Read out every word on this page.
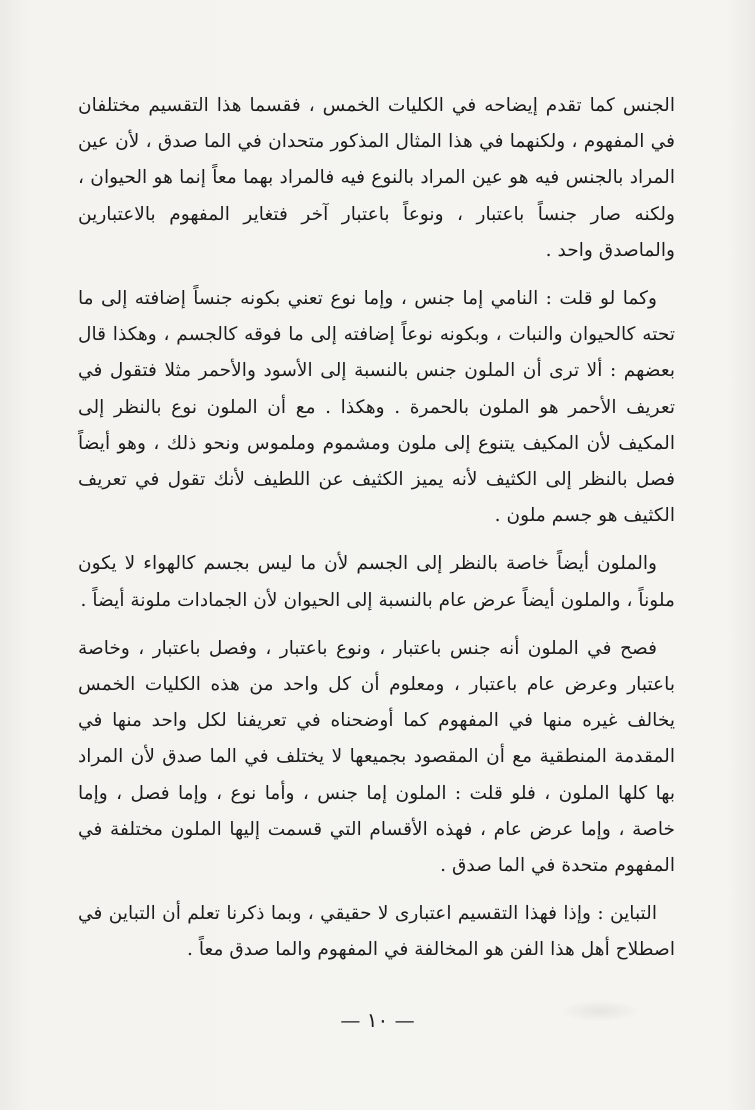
الجنس كما تقدم إيضاحه في الكليات الخمس ، فقسما هذا التقسيم مختلفان في المفهوم ، ولكنهما في هذا المثال المذكور متحدان في الما صدق ، لأن عين المراد بالجنس فيه هو عين المراد بالنوع فيه فالمراد بهما معاً إنما هو الحيوان ، ولكنه صار جنساً باعتبار ، ونوعاً باعتبار آخر فتغاير المفهوم بالاعتبارين والماصدق واحد .

وكما لو قلت : النامي إما جنس ، وإما نوع تعني بكونه جنساً إضافته إلى ما تحته كالحيوان والنبات ، وبكونه نوعاً إضافته إلى ما فوقه كالجسم ، وهكذا قال بعضهم : ألا ترى أن الملون جنس بالنسبة إلى الأسود والأحمر مثلا فتقول في تعريف الأحمر هو الملون بالحمرة . وهكذا . مع أن الملون نوع بالنظر إلى المكيف لأن المكيف يتنوع إلى ملون ومشموم وملموس ونحو ذلك ، وهو أيضاً فصل بالنظر إلى الكثيف لأنه يميز الكثيف عن اللطيف لأنك تقول في تعريف الكثيف هو جسم ملون .

والملون أيضاً خاصة بالنظر إلى الجسم لأن ما ليس بجسم كالهواء لا يكون ملوناً ، والملون أيضاً عرض عام بالنسبة إلى الحيوان لأن الجمادات ملونة أيضاً .

فصح في الملون أنه جنس باعتبار ، ونوع باعتبار ، وفصل باعتبار ، وخاصة باعتبار وعرض عام باعتبار ، ومعلوم أن كل واحد من هذه الكليات الخمس يخالف غيره منها في المفهوم كما أوضحناه في تعريفنا لكل واحد منها في المقدمة المنطقية مع أن المقصود بجميعها لا يختلف في الما صدق لأن المراد بها كلها الملون ، فلو قلت : الملون إما جنس ، وأما نوع ، وإما فصل ، وإما خاصة ، وإما عرض عام ، فهذه الأقسام التي قسمت إليها الملون مختلفة في المفهوم متحدة في الما صدق .

التباين : وإذا فهذا التقسيم اعتبارى لا حقيقي ، وبما ذكرنا تعلم أن التباين في اصطلاح أهل هذا الفن هو المخالفة في المفهوم والما صدق معاً .

— ١٠ —
